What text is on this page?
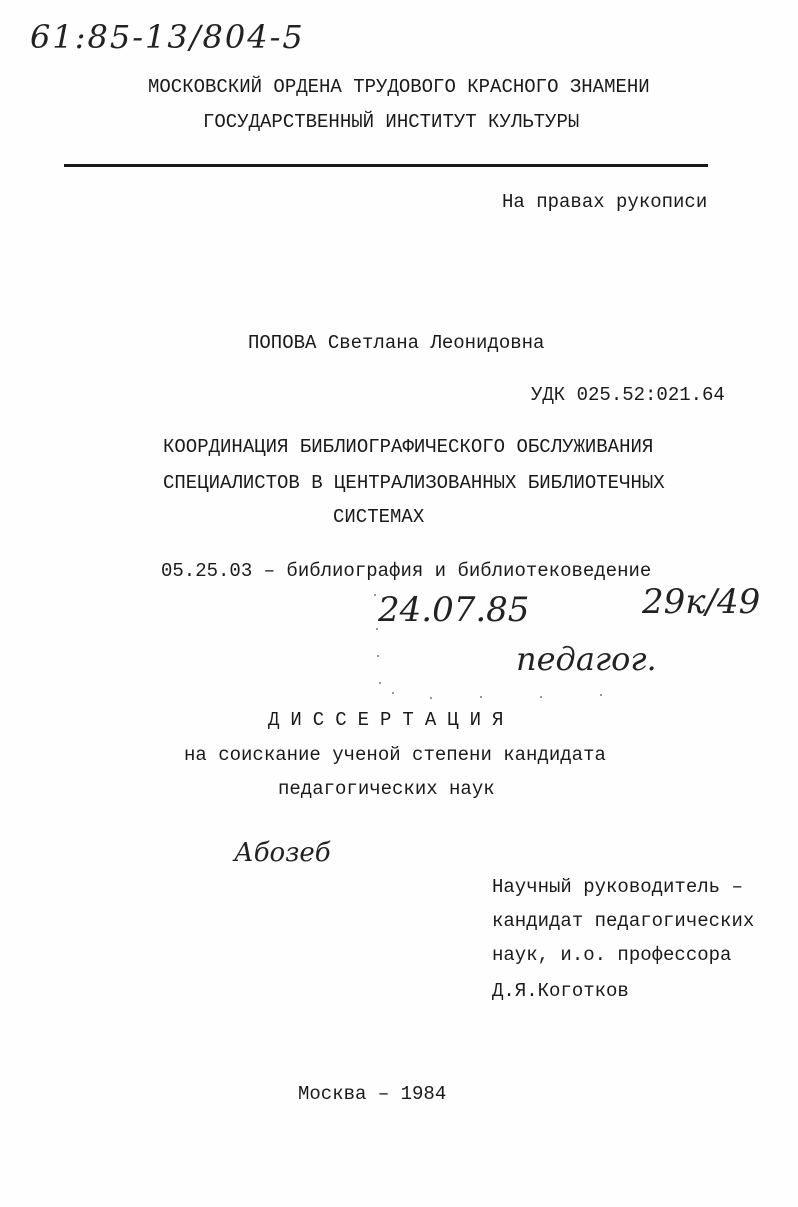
61:85-13/804-5
МОСКОВСКИЙ ОРДЕНА ТРУДОВОГО КРАСНОГО ЗНАМЕНИ
ГОСУДАРСТВЕННЫЙ ИНСТИТУТ КУЛЬТУРЫ
На правах рукописи
ПОПОВА Светлана Леонидовна
УДК 025.52:021.64
КООРДИНАЦИЯ БИБЛИОГРАФИЧЕСКОГО ОБСЛУЖИВАНИЯ
СПЕЦИАЛИСТОВ В ЦЕНТРАЛИЗОВАННЫХ БИБЛИОТЕЧНЫХ
СИСТЕМАХ
05.25.03 – библиография и библиотековедение
24.07.85	29к/49
педагог.
ДИССЕРТАЦИЯ
на соискание ученой степени кандидата
педагогических наук
Абозеб
Научный руководитель –
кандидат педагогических
наук, и.о. профессора
Д.Я.Коготков
Москва – 1984
